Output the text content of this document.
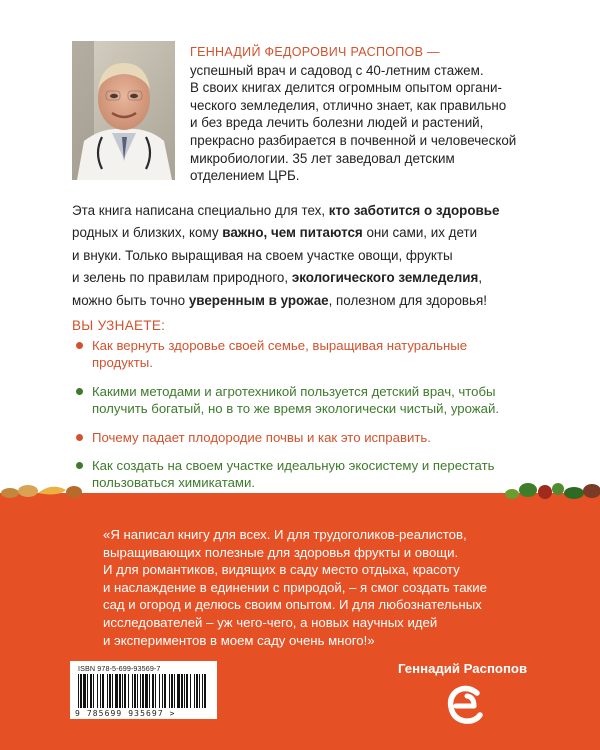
ГЕННАДИЙ ФЕДОРОВИЧ РАСПОПОВ —
успешный врач и садовод с 40-летним стажем.
В своих книгах делится огромным опытом органи-
ческого земледелия, отлично знает, как правильно
и без вреда лечить болезни людей и растений,
прекрасно разбирается в почвенной и человеческой
микробиологии. 35 лет заведовал детским
отделением ЦРБ.
Эта книга написана специально для тех, кто заботится о здоровье
родных и близких, кому важно, чем питаются они сами, их дети
и внуки. Только выращивая на своем участке овощи, фрукты
и зелень по правилам природного, экологического земледелия,
можно быть точно уверенным в урожае, полезном для здоровья!
ВЫ УЗНАЕТЕ:
Как вернуть здоровье своей семье, выращивая натуральные
продукты.
Какими методами и агротехникой пользуется детский врач, чтобы
получить богатый, но в то же время экологически чистый, урожай.
Почему падает плодородие почвы и как это исправить.
Как создать на своем участке идеальную экосистему и перестать
пользоваться химикатами.
«Я написал книгу для всех. И для трудоголиков-реалистов,
выращивающих полезные для здоровья фрукты и овощи.
И для романтиков, видящих в саду место отдыха, красоту
и наслаждение в единении с природой, – я смог создать такие
сад и огород и делюсь своим опытом. И для любознательных
исследователей – уж чего-чего, а новых научных идей
и экспериментов в моем саду очень много!»
Геннадий Распопов
ISBN 978-5-699-93569-7
9 785699 935697 >
